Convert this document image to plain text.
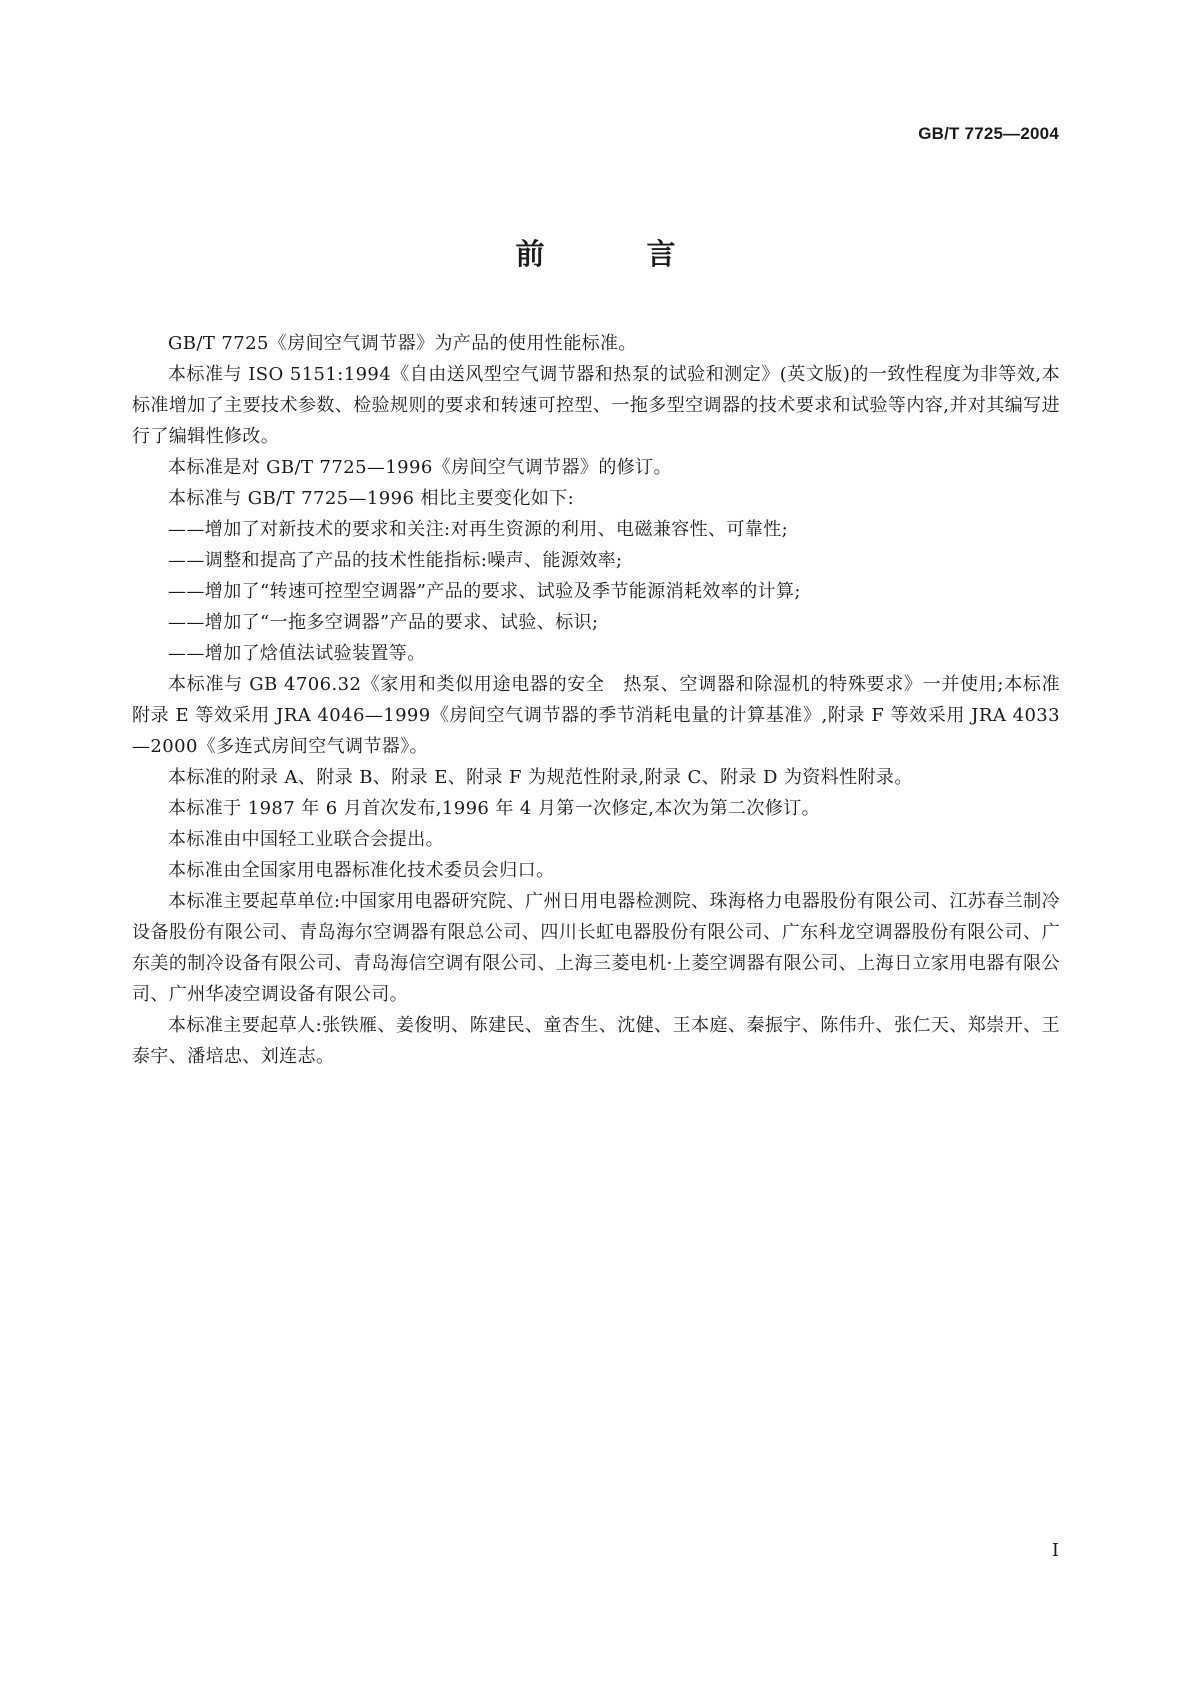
GB/T 7725—2004
前 言

GB/T 7725《房间空气调节器》为产品的使用性能标准。

本标准与 ISO 5151:1994《自由送风型空气调节器和热泵的试验和测定》(英文版)的一致性程度为非等效,本标准增加了主要技术参数、检验规则的要求和转速可控型、一拖多型空调器的技术要求和试验等内容,并对其编写进行了编辑性修改。

本标准是对 GB/T 7725—1996《房间空气调节器》的修订。

本标准与 GB/T 7725—1996 相比主要变化如下:

——增加了对新技术的要求和关注:对再生资源的利用、电磁兼容性、可靠性;

——调整和提高了产品的技术性能指标:噪声、能源效率;

——增加了“转速可控型空调器”产品的要求、试验及季节能源消耗效率的计算;

——增加了“一拖多空调器”产品的要求、试验、标识;

——增加了焓值法试验装置等。

本标准与 GB 4706.32《家用和类似用途电器的安全　热泵、空调器和除湿机的特殊要求》一并使用;本标准附录 E 等效采用 JRA 4046—1999《房间空气调节器的季节消耗电量的计算基准》,附录 F 等效采用 JRA 4033—2000《多连式房间空气调节器》。

本标准的附录 A、附录 B、附录 E、附录 F 为规范性附录,附录 C、附录 D 为资料性附录。

本标准于 1987 年 6 月首次发布,1996 年 4 月第一次修定,本次为第二次修订。

本标准由中国轻工业联合会提出。

本标准由全国家用电器标准化技术委员会归口。

本标准主要起草单位:中国家用电器研究院、广州日用电器检测院、珠海格力电器股份有限公司、江苏春兰制冷设备股份有限公司、青岛海尔空调器有限总公司、四川长虹电器股份有限公司、广东科龙空调器股份有限公司、广东美的制冷设备有限公司、青岛海信空调有限公司、上海三菱电机·上菱空调器有限公司、上海日立家用电器有限公司、广州华凌空调设备有限公司。

本标准主要起草人:张铁雁、姜俊明、陈建民、童杏生、沈健、王本庭、秦振宇、陈伟升、张仁天、郑崇开、王泰宇、潘培忠、刘连志。

I
